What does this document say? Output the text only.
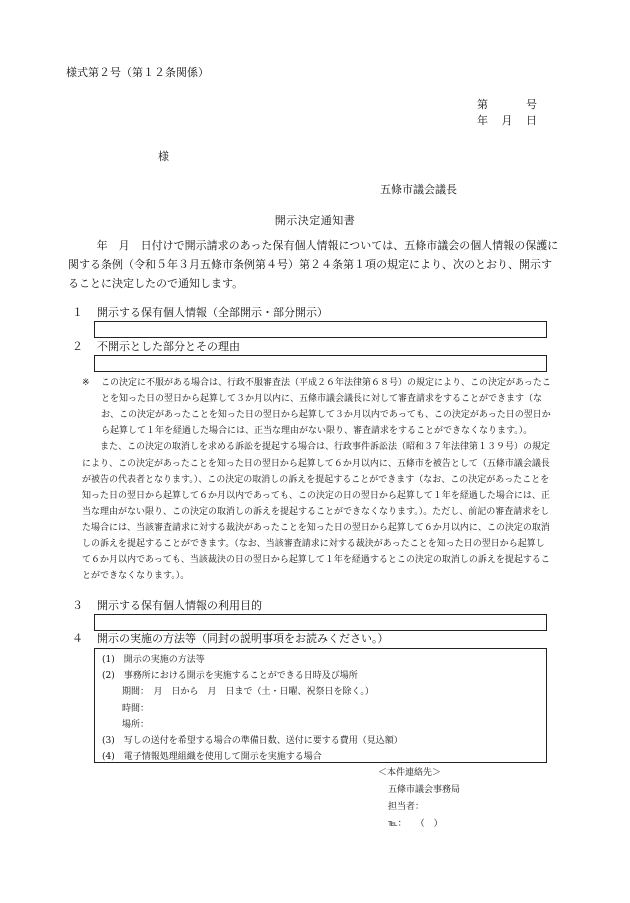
様式第２号（第１２条関係）
第	号
年 月 日
様
五條市議会議長
開示決定通知書

年　月　日付けで開示請求のあった保有個人情報については、五條市議会の個人情報の保護に関する条例（令和５年３月五條市条例第４号）第２４条第１項の規定により、次のとおり、開示することに決定したので通知します。

１ 開示する保有個人情報（全部開示・部分開示）
２ 不開示とした部分とその理由
※	この決定に不服がある場合は、行政不服審査法（平成２６年法律第６８号）の規定により、この決定があったことを知った日の翌日から起算して３か月以内に、五條市議会議長に対して審査請求をすることができます（なお、この決定があったことを知った日の翌日から起算して３か月以内であっても、この決定があった日の翌日から起算して１年を経過した場合には、正当な理由がない限り、審査請求をすることができなくなります。）。
また、この決定の取消しを求める訴訟を提起する場合は、行政事件訴訟法（昭和３７年法律第１３９号）の規定により、この決定があったことを知った日の翌日から起算して６か月以内に、五條市を被告として（五條市議会議長が被告の代表者となります。）、この決定の取消しの訴えを提起することができます（なお、この決定があったことを知った日の翌日から起算して６か月以内であっても、この決定の日の翌日から起算して１年を経過した場合には、正当な理由がない限り、この決定の取消しの訴えを提起することができなくなります。）。ただし、前記の審査請求をした場合には、当該審査請求に対する裁決があったことを知った日の翌日から起算して６か月以内に、この決定の取消しの訴えを提起することができます。（なお、当該審査請求に対する裁決があったことを知った日の翌日から起算して６か月以内であっても、当該裁決の日の翌日から起算して１年を経過するとこの決定の取消しの訴えを提起することができなくなります。）。
３ 開示する保有個人情報の利用目的
４ 開示の実施の方法等（同封の説明事項をお読みください。）
(1)　開示の実施の方法等
(2)　事務所における開示を実施することができる日時及び場所
期間：　月　日から　月　日まで（土・日曜、祝祭日を除く。）
時間：
場所：
(3)　写しの送付を希望する場合の準備日数、送付に要する費用（見込額）
(4)　電子情報処理組織を使用して開示を実施する場合
＜本件連絡先＞
五條市議会事務局
担当者：
℡：　　（　）
